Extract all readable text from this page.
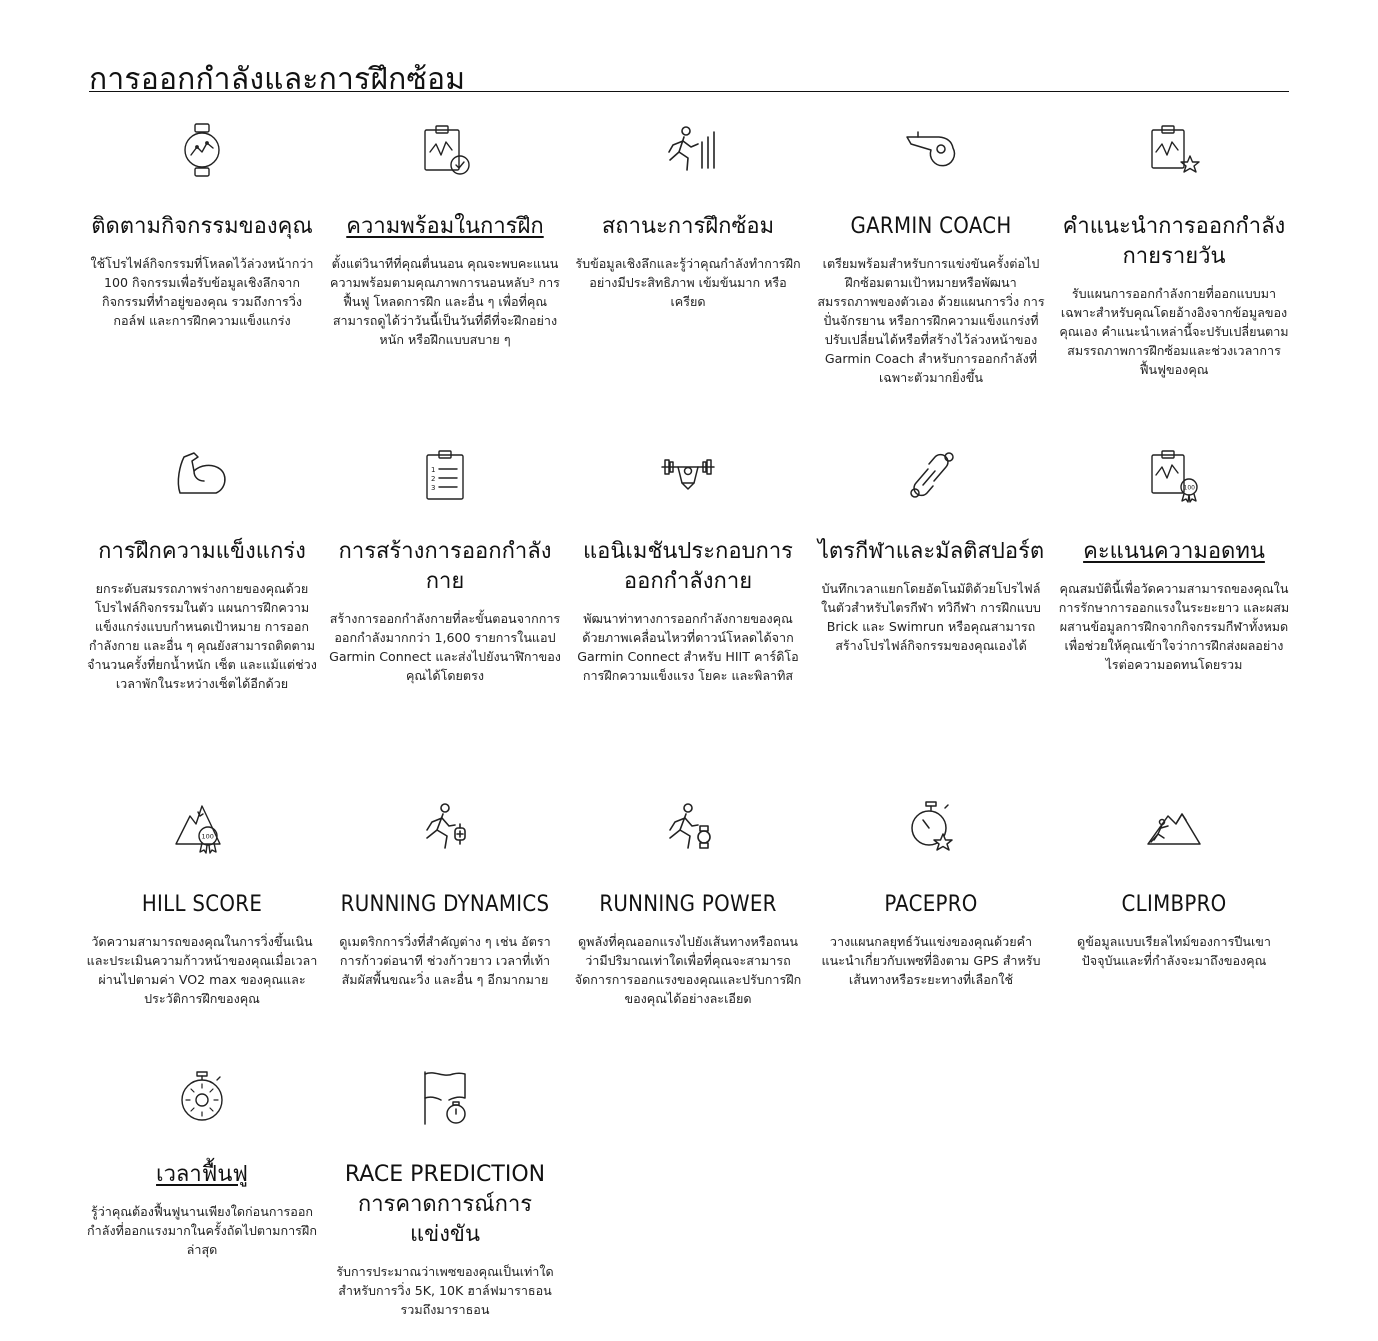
การออกกำลังและการฝึกซ้อม
ติดตามกิจกรรมของคุณ
ใช้โปรไฟล์กิจกรรมที่โหลดไว้ล่วงหน้ากว่า 100 กิจกรรมเพื่อรับข้อมูลเชิงลึกจากกิจกรรมที่ทำอยู่ของคุณ รวมถึงการวิ่ง กอล์ฟ และการฝึกความแข็งแกร่ง
ความพร้อมในการฝึก
ตั้งแต่วินาทีที่คุณตื่นนอน คุณจะพบคะแนนความพร้อมตามคุณภาพการนอนหลับ³ การฟื้นฟู โหลดการฝึก และอื่น ๆ เพื่อที่คุณสามารถดูได้ว่าวันนี้เป็นวันที่ดีที่จะฝึกอย่างหนัก หรือฝึกแบบสบาย ๆ
สถานะการฝึกซ้อม
รับข้อมูลเชิงลึกและรู้ว่าคุณกำลังทำการฝึกอย่างมีประสิทธิภาพ เข้มข้นมาก หรือเครียด
GARMIN COACH
เตรียมพร้อมสำหรับการแข่งขันครั้งต่อไป ฝึกซ้อมตามเป้าหมายหรือพัฒนาสมรรถภาพของตัวเอง ด้วยแผนการวิ่ง การปั่นจักรยาน หรือการฝึกความแข็งแกร่งที่ปรับเปลี่ยนได้หรือที่สร้างไว้ล่วงหน้าของ Garmin Coach สำหรับการออกกำลังที่เฉพาะตัวมากยิ่งขึ้น
คำแนะนำการออกกำลังกายรายวัน
รับแผนการออกกำลังกายที่ออกแบบมาเฉพาะสำหรับคุณโดยอ้างอิงจากข้อมูลของคุณเอง คำแนะนำเหล่านี้จะปรับเปลี่ยนตามสมรรถภาพการฝึกซ้อมและช่วงเวลาการฟื้นฟูของคุณ
การฝึกความแข็งแกร่ง
ยกระดับสมรรถภาพร่างกายของคุณด้วยโปรไฟล์กิจกรรมในตัว แผนการฝึกความแข็งแกร่งแบบกำหนดเป้าหมาย การออกกำลังกาย และอื่น ๆ คุณยังสามารถติดตามจำนวนครั้งที่ยกน้ำหนัก เซ็ต และแม้แต่ช่วงเวลาพักในระหว่างเซ็ตได้อีกด้วย
1
2
3
การสร้างการออกกำลังกาย
สร้างการออกกำลังกายที่ละขั้นตอนจากการออกกำลังมากกว่า 1,600 รายการในแอป Garmin Connect และส่งไปยังนาฬิกาของคุณได้โดยตรง
แอนิเมชันประกอบการออกกำลังกาย
พัฒนาท่าทางการออกกำลังกายของคุณด้วยภาพเคลื่อนไหวที่ดาวน์โหลดได้จาก Garmin Connect สำหรับ HIIT คาร์ดิโอ การฝึกความแข็งแรง โยคะ และพิลาทิส
ไตรกีฬาและมัลติสปอร์ต
บันทึกเวลาแยกโดยอัตโนมัติด้วยโปรไฟล์ในตัวสำหรับไตรกีฬา ทวิกีฬา การฝึกแบบ Brick และ Swimrun หรือคุณสามารถสร้างโปรไฟล์กิจกรรมของคุณเองได้
100
คะแนนความอดทน
คุณสมบัตินี้เพื่อวัดความสามารถของคุณในการรักษาการออกแรงในระยะยาว และผสมผสานข้อมูลการฝึกจากกิจกรรมกีฬาทั้งหมด เพื่อช่วยให้คุณเข้าใจว่าการฝึกส่งผลอย่างไรต่อความอดทนโดยรวม
100
HILL SCORE
วัดความสามารถของคุณในการวิ่งขึ้นเนินและประเมินความก้าวหน้าของคุณเมื่อเวลาผ่านไปตามค่า VO2 max ของคุณและประวัติการฝึกของคุณ
RUNNING DYNAMICS
ดูเมตริกการวิ่งที่สำคัญต่าง ๆ เช่น อัตราการก้าวต่อนาที ช่วงก้าวยาว เวลาที่เท้าสัมผัสพื้นขณะวิ่ง และอื่น ๆ อีกมากมาย
RUNNING POWER
ดูพลังที่คุณออกแรงไปยังเส้นทางหรือถนนว่ามีปริมาณเท่าใดเพื่อที่คุณจะสามารถจัดการการออกแรงของคุณและปรับการฝึกของคุณได้อย่างละเอียด
PACEPRO
วางแผนกลยุทธ์วันแข่งของคุณด้วยคำแนะนำเกี่ยวกับเพซที่อิงตาม GPS สำหรับเส้นทางหรือระยะทางที่เลือกใช้
CLIMBPRO
ดูข้อมูลแบบเรียลไทม์ของการปีนเขาปัจจุบันและที่กำลังจะมาถึงของคุณ
เวลาฟื้นฟู
รู้ว่าคุณต้องฟื้นฟูนานเพียงใดก่อนการออกกำลังที่ออกแรงมากในครั้งถัดไปตามการฝึกล่าสุด
RACE PREDICTION การคาดการณ์การแข่งขัน
รับการประมาณว่าเพซของคุณเป็นเท่าใดสำหรับการวิ่ง 5K, 10K ฮาล์ฟมาราธอน รวมถึงมาราธอน
